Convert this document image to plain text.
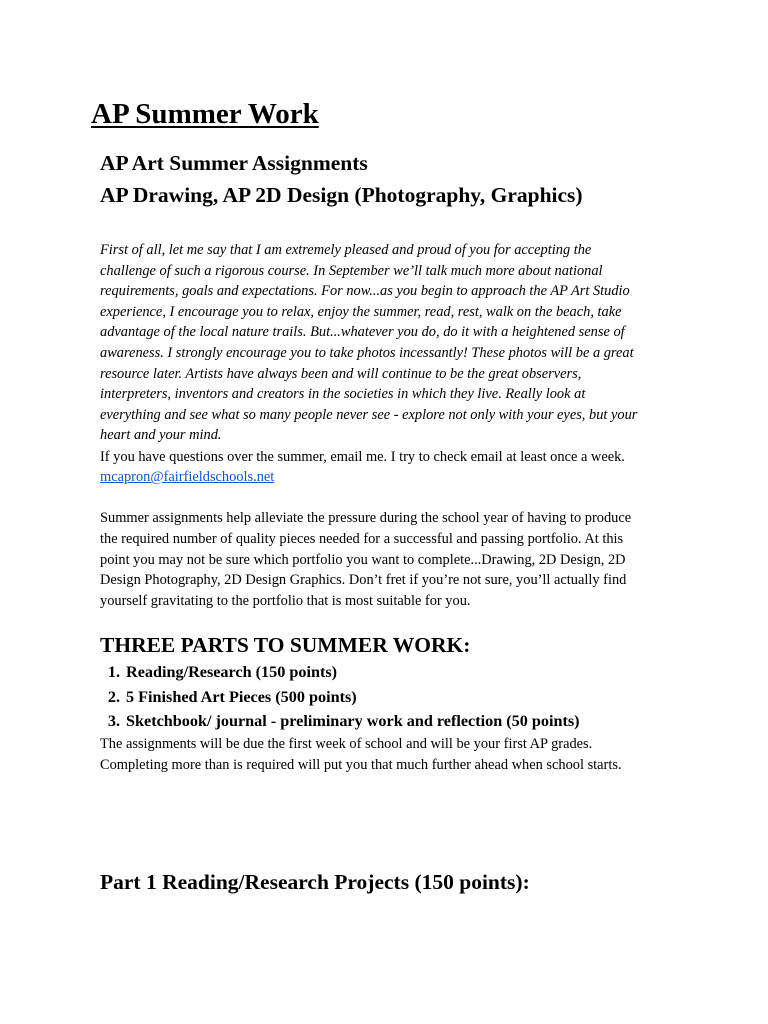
AP Summer Work
AP Art Summer Assignments
AP Drawing, AP 2D Design (Photography, Graphics)

First of all, let me say that I am extremely pleased and proud of you for accepting the
challenge of such a rigorous course. In September we’ll talk much more about national
requirements, goals and expectations. For now...as you begin to approach the AP Art Studio
experience, I encourage you to relax, enjoy the summer, read, rest, walk on the beach, take
advantage of the local nature trails. But...whatever you do, do it with a heightened sense of
awareness. I strongly encourage you to take photos incessantly! These photos will be a great
resource later. Artists have always been and will continue to be the great observers,
interpreters, inventors and creators in the societies in which they live. Really look at
everything and see what so many people never see - explore not only with your eyes, but your
heart and your mind.

If you have questions over the summer, email me. I try to check email at least once a week.

mcapron@fairfieldschools.net

Summer assignments help alleviate the pressure during the school year of having to produce
the required number of quality pieces needed for a successful and passing portfolio. At this
point you may not be sure which portfolio you want to complete...Drawing, 2D Design, 2D
Design Photography, 2D Design Graphics. Don’t fret if you’re not sure, you’ll actually find
yourself gravitating to the portfolio that is most suitable for you.

THREE PARTS TO SUMMER WORK:
1. Reading/Research (150 points)
2. 5 Finished Art Pieces (500 points)
3. Sketchbook/ journal - preliminary work and reflection (50 points)

The assignments will be due the first week of school and will be your first AP grades.
Completing more than is required will put you that much further ahead when school starts.

Part 1 Reading/Research Projects (150 points):
